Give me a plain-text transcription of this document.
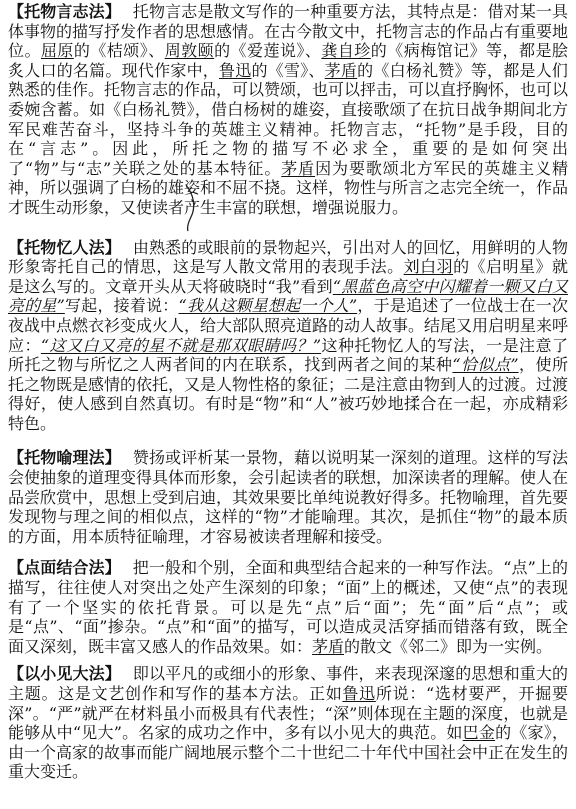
【托物言志法】 托物言志是散文写作的一种重要方法，其特点是：借对某一具体事物的描写抒发作者的思想感情。在古今散文中，托物言志的作品占有重要地位。屈原的《桔颂》、周敦颐的《爱莲说》、龚自珍的《病梅馆记》等，都是脍炙人口的名篇。现代作家中，鲁迅的《雪》、茅盾的《白杨礼赞》等，都是人们熟悉的佳作。托物言志的作品，可以赞颂，也可以抨击，可以直抒胸怀，也可以委婉含蓄。如《白杨礼赞》，借白杨树的雄姿，直接歌颂了在抗日战争期间北方军民难苦奋斗，坚持斗争的英雄主义精神。托物言志，“托物”是手段，目的在“言志”。因此，所托之物的描写不必求全，重要的是如何突出了“物”与“志”关联之处的基本特征。茅盾因为要歌颂北方军民的英雄主义精神，所以强调了白杨的雄姿和不屈不挠。这样，物性与所言之志完全统一，作品才既生动形象，又使读者产生丰富的联想，增强说服力。

【托物忆人法】 由熟悉的或眼前的景物起兴，引出对人的回忆，用鲜明的人物形象寄托自己的情思，这是写人散文常用的表现手法。刘白羽的《启明星》就是这么写的。文章开头从天将破晓时“我”看到“黑蓝色高空中闪耀着一颗又白又亮的星”写起，接着说：“我从这颗星想起一个人”，于是追述了一位战士在一次夜战中点燃衣衫变成火人，给大部队照亮道路的动人故事。结尾又用启明星来呼应：“这又白又亮的星不就是那双眼睛吗？”这种托物忆人的写法，一是注意了所托之物与所忆之人两者间的内在联系，找到两者之间的某种“恰似点”，使所托之物既是感情的依托，又是人物性格的象征；二是注意由物到人的过渡。过渡得好，使人感到自然真切。有时是“物”和“人”被巧妙地揉合在一起，亦成精彩特色。

【托物喻理法】 赞扬或评析某一景物，藉以说明某一深刻的道理。这样的写法会使抽象的道理变得具体而形象，会引起读者的联想，加深读者的理解。使人在品尝欣赏中，思想上受到启迪，其效果要比单纯说教好得多。托物喻理，首先要发现物与理之间的相似点，这样的“物”才能喻理。其次，是抓住“物”的最本质的方面，用本质特征喻理，才容易被读者理解和接受。

【点面结合法】 把一般和个别，全面和典型结合起来的一种写作法。“点”上的描写，往往使人对突出之处产生深刻的印象；“面”上的概述，又使“点”的表现有了一个坚实的依托背景。可以是先“点”后“面”；先“面”后“点”；或是“点”、“面”掺杂。“点”和“面”的描写，可以造成灵活穿插而错落有致，既全面又深刻，既丰富又感人的作品效果。如：茅盾的散文《邻二》即为一实例。

【以小见大法】 即以平凡的或细小的形象、事件，来表现深邃的思想和重大的主题。这是文艺创作和写作的基本方法。正如鲁迅所说：“选材要严，开掘要深”。“严”就严在材料虽小而极具有代表性；“深”则体现在主题的深度，也就是能够从中“见大”。名家的成功之作中，多有以小见大的典范。如巴金的《家》，由一个高家的故事而能广阔地展示整个二十世纪二十年代中国社会中正在发生的重大变迁。
